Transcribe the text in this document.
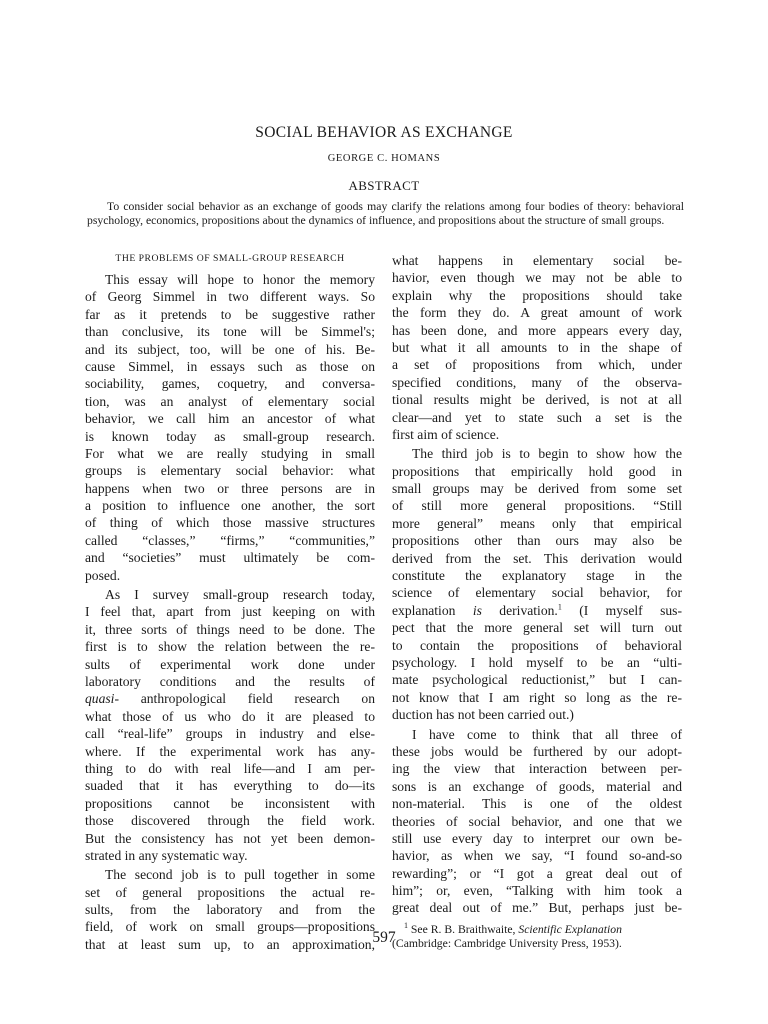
SOCIAL BEHAVIOR AS EXCHANGE
GEORGE C. HOMANS
ABSTRACT
To consider social behavior as an exchange of goods may clarify the relations among four bodies of theory: behavioral psychology, economics, propositions about the dynamics of influence, and propositions about the structure of small groups.
THE PROBLEMS OF SMALL-GROUP RESEARCH
This essay will hope to honor the memory
of Georg Simmel in two different ways. So
far as it pretends to be suggestive rather
than conclusive, its tone will be Simmel's;
and its subject, too, will be one of his. Be-
cause Simmel, in essays such as those on
sociability, games, coquetry, and conversa-
tion, was an analyst of elementary social
behavior, we call him an ancestor of what
is known today as small-group research.
For what we are really studying in small
groups is elementary social behavior: what
happens when two or three persons are in
a position to influence one another, the sort
of thing of which those massive structures
called “classes,” “firms,” “communities,”
and “societies” must ultimately be com-
posed.
As I survey small-group research today,
I feel that, apart from just keeping on with
it, three sorts of things need to be done. The
first is to show the relation between the re-
sults of experimental work done under
laboratory conditions and the results of
quasi- anthropological field research on
what those of us who do it are pleased to
call “real-life” groups in industry and else-
where. If the experimental work has any-
thing to do with real life—and I am per-
suaded that it has everything to do—its
propositions cannot be inconsistent with
those discovered through the field work.
But the consistency has not yet been demon-
strated in any systematic way.
The second job is to pull together in some
set of general propositions the actual re-
sults, from the laboratory and from the
field, of work on small groups—propositions
that at least sum up, to an approximation,
what happens in elementary social be-
havior, even though we may not be able to
explain why the propositions should take
the form they do. A great amount of work
has been done, and more appears every day,
but what it all amounts to in the shape of
a set of propositions from which, under
specified conditions, many of the observa-
tional results might be derived, is not at all
clear—and yet to state such a set is the
first aim of science.
The third job is to begin to show how the
propositions that empirically hold good in
small groups may be derived from some set
of still more general propositions. “Still
more general” means only that empirical
propositions other than ours may also be
derived from the set. This derivation would
constitute the explanatory stage in the
science of elementary social behavior, for
explanation is derivation.$^1$ (I myself sus-
pect that the more general set will turn out
to contain the propositions of behavioral
psychology. I hold myself to be an “ulti-
mate psychological reductionist,” but I can-
not know that I am right so long as the re-
duction has not been carried out.)
I have come to think that all three of
these jobs would be furthered by our adopt-
ing the view that interaction between per-
sons is an exchange of goods, material and
non-material. This is one of the oldest
theories of social behavior, and one that we
still use every day to interpret our own be-
havior, as when we say, “I found so-and-so
rewarding”; or “I got a great deal out of
him”; or, even, “Talking with him took a
great deal out of me.” But, perhaps just be-
$^1$ See R. B. Braithwaite, Scientific Explanation
(Cambridge: Cambridge University Press, 1953).
597
